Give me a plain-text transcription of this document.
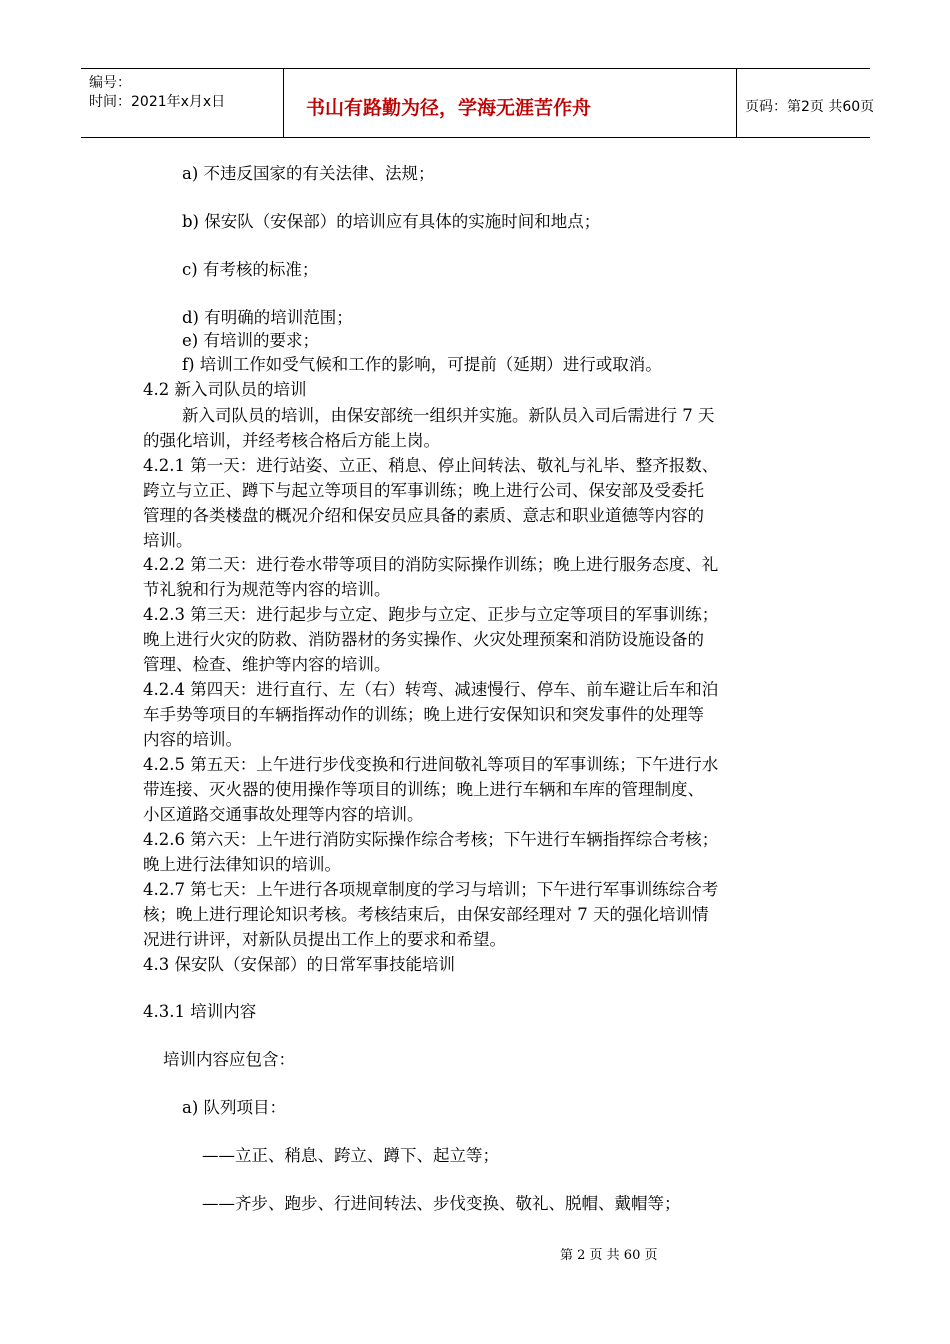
编号：
时间：2021年x月x日	书山有路勤为径，学海无涯苦作舟	页码：第2页 共60页
a) 不违反国家的有关法律、法规；
b) 保安队（安保部）的培训应有具体的实施时间和地点；
c) 有考核的标准；
d) 有明确的培训范围；
e) 有培训的要求；
f) 培训工作如受气候和工作的影响，可提前（延期）进行或取消。
4.2 新入司队员的培训
新入司队员的培训，由保安部统一组织并实施。新队员入司后需进行 7 天
的强化培训，并经考核合格后方能上岗。
4.2.1 第一天：进行站姿、立正、稍息、停止间转法、敬礼与礼毕、整齐报数、
跨立与立正、蹲下与起立等项目的军事训练；晚上进行公司、保安部及受委托
管理的各类楼盘的概况介绍和保安员应具备的素质、意志和职业道德等内容的
培训。
4.2.2 第二天：进行卷水带等项目的消防实际操作训练；晚上进行服务态度、礼
节礼貌和行为规范等内容的培训。
4.2.3 第三天：进行起步与立定、跑步与立定、正步与立定等项目的军事训练；
晚上进行火灾的防救、消防器材的务实操作、火灾处理预案和消防设施设备的
管理、检查、维护等内容的培训。
4.2.4 第四天：进行直行、左（右）转弯、减速慢行、停车、前车避让后车和泊
车手势等项目的车辆指挥动作的训练；晚上进行安保知识和突发事件的处理等
内容的培训。
4.2.5 第五天：上午进行步伐变换和行进间敬礼等项目的军事训练；下午进行水
带连接、灭火器的使用操作等项目的训练；晚上进行车辆和车库的管理制度、
小区道路交通事故处理等内容的培训。
4.2.6 第六天：上午进行消防实际操作综合考核；下午进行车辆指挥综合考核；
晚上进行法律知识的培训。
4.2.7 第七天：上午进行各项规章制度的学习与培训；下午进行军事训练综合考
核；晚上进行理论知识考核。考核结束后，由保安部经理对 7 天的强化培训情
况进行讲评，对新队员提出工作上的要求和希望。
4.3 保安队（安保部）的日常军事技能培训
4.3.1 培训内容
培训内容应包含：
a) 队列项目：
——立正、稍息、跨立、蹲下、起立等；
——齐步、跑步、行进间转法、步伐变换、敬礼、脱帽、戴帽等；
第 2 页 共 60 页
